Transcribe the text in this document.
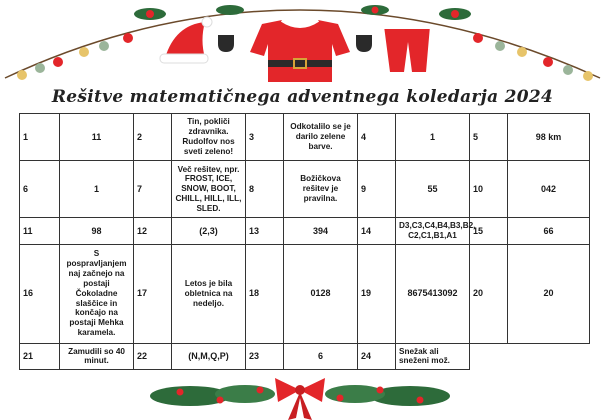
Rešitve matematičnega adventnega koledarja 2024
1	11	2	Tin, pokliči zdravnika. Rudolfov nos sveti zeleno!	3	Odkotalilo se je darilo zelene barve.	4	1	5	98 km
6	1	7	Več rešitev, npr. FROST, ICE, SNOW, BOOT, CHILL, HILL, ILL, SLED.	8	Božičkova rešitev je pravilna.	9	55	10	042
11	98	12	(2,3)	13	394	14	D3,C3,C4,B4,B3,B2, C2,C1,B1,A1	15	66
16	S pospravljanjem naj začnejo na postaji Čokoladne slaščice in končajo na postaji Mehka karamela.	17	Letos je bila obletnica na nedeljo.	18	0128	19	8675413092	20	20
21	Zamudili so 40 minut.	22	(N,M,Q,P)	23	6	24	Snežak ali sneženi mož.		
